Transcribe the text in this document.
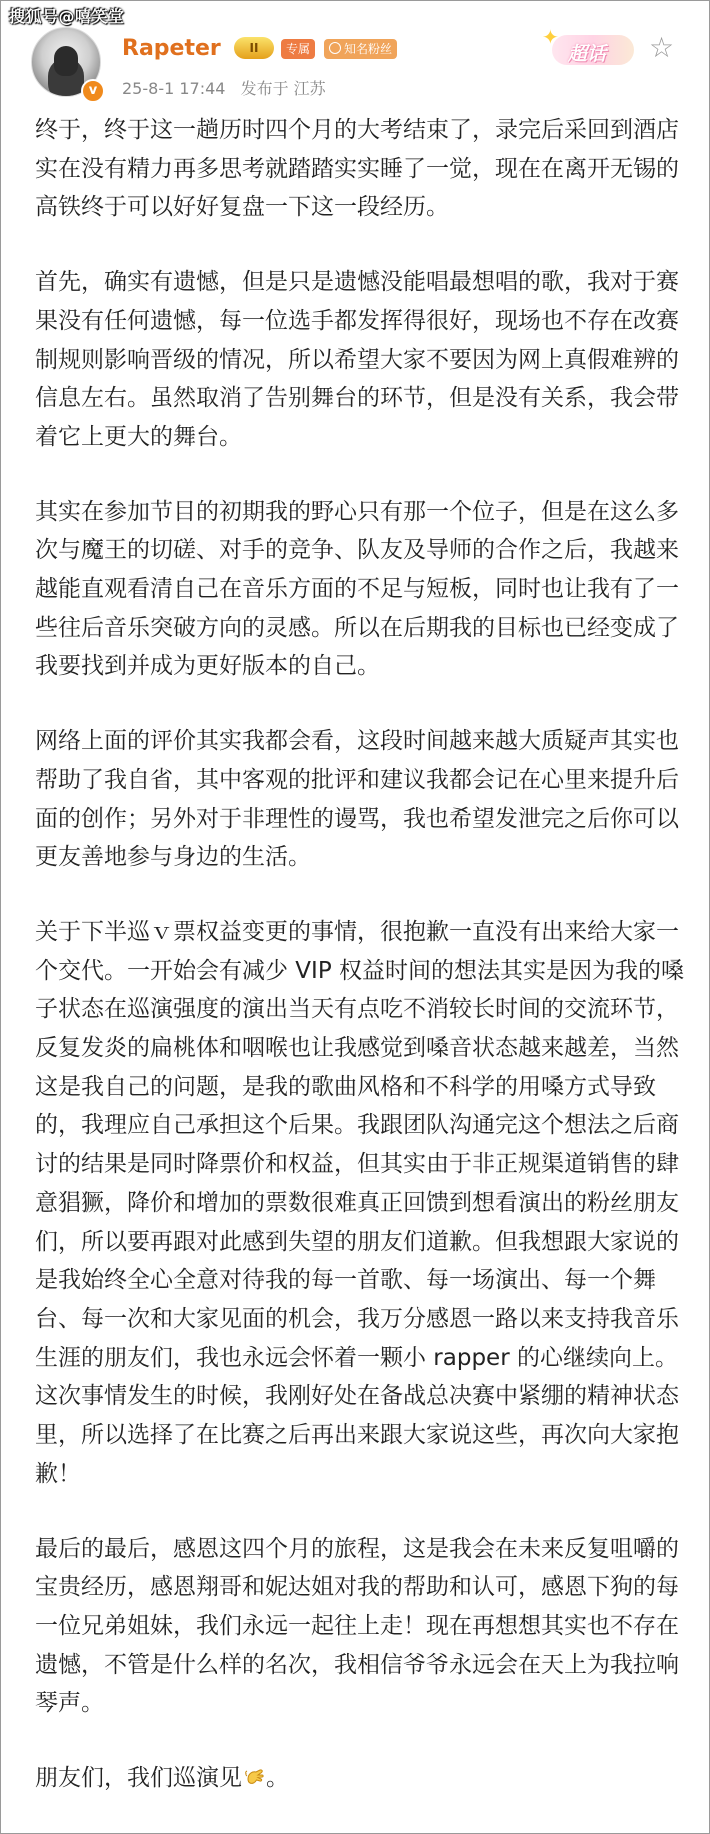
搜狐号@嘻笑堂
v
Rapeter	II	专属	知名粉丝
25-8-1 17:44 发布于 江苏
✦
超话 ☆

终于，终于这一趟历时四个月的大考结束了，录完后采回到酒店实在没有精力再多思考就踏踏实实睡了一觉，现在在离开无锡的高铁终于可以好好复盘一下这一段经历。

首先，确实有遗憾，但是只是遗憾没能唱最想唱的歌，我对于赛果没有任何遗憾，每一位选手都发挥得很好，现场也不存在改赛制规则影响晋级的情况，所以希望大家不要因为网上真假难辨的信息左右。虽然取消了告别舞台的环节，但是没有关系，我会带着它上更大的舞台。

其实在参加节目的初期我的野心只有那一个位子，但是在这么多次与魔王的切磋、对手的竞争、队友及导师的合作之后，我越来越能直观看清自己在音乐方面的不足与短板，同时也让我有了一些往后音乐突破方向的灵感。所以在后期我的目标也已经变成了我要找到并成为更好版本的自己。

网络上面的评价其实我都会看，这段时间越来越大质疑声其实也帮助了我自省，其中客观的批评和建议我都会记在心里来提升后面的创作；另外对于非理性的谩骂，我也希望发泄完之后你可以更友善地参与身边的生活。

关于下半巡ｖ票权益变更的事情，很抱歉一直没有出来给大家一个交代。一开始会有减少 VIP 权益时间的想法其实是因为我的嗓子状态在巡演强度的演出当天有点吃不消较长时间的交流环节，反复发炎的扁桃体和咽喉也让我感觉到嗓音状态越来越差，当然这是我自己的问题，是我的歌曲风格和不科学的用嗓方式导致的，我理应自己承担这个后果。我跟团队沟通完这个想法之后商讨的结果是同时降票价和权益，但其实由于非正规渠道销售的肆意猖獗，降价和增加的票数很难真正回馈到想看演出的粉丝朋友们，所以要再跟对此感到失望的朋友们道歉。但我想跟大家说的是我始终全心全意对待我的每一首歌、每一场演出、每一个舞台、每一次和大家见面的机会，我万分感恩一路以来支持我音乐生涯的朋友们，我也永远会怀着一颗小 rapper 的心继续向上。这次事情发生的时候，我刚好处在备战总决赛中紧绷的精神状态里，所以选择了在比赛之后再出来跟大家说这些，再次向大家抱歉！

最后的最后，感恩这四个月的旅程，这是我会在未来反复咀嚼的宝贵经历，感恩翔哥和妮达姐对我的帮助和认可，感恩下狗的每一位兄弟姐妹，我们永远一起往上走！现在再想想其实也不存在遗憾，不管是什么样的名次，我相信爷爷永远会在天上为我拉响琴声。

朋友们，我们巡演见 。
